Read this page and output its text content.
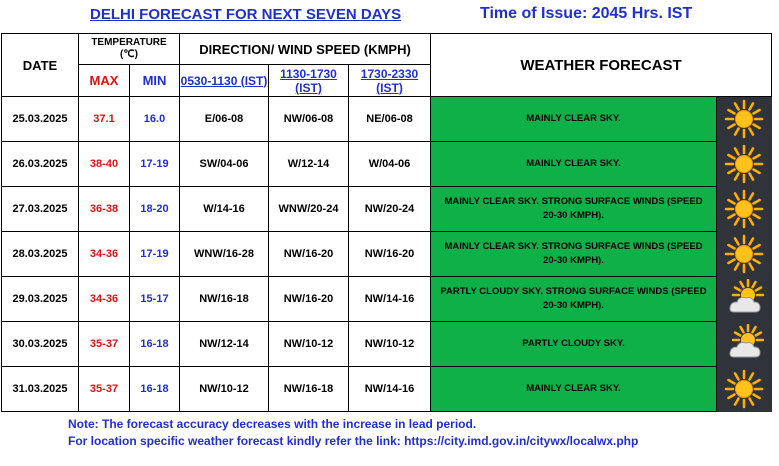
DELHI FORECAST FOR NEXT SEVEN DAYS	Time of Issue: 2045 Hrs. IST
DATE	TEMPERATURE
(℃)		DIRECTION/ WIND SPEED (KMPH)			WEATHER FORECAST	
	MAX	MIN	0530-1130 (IST)	1130-1730 (IST)	1730-2330 (IST)		
25.03.2025	37.1	16.0	E/06-08	NW/06-08	NE/06-08	MAINLY CLEAR SKY.	

26.03.2025	38-40	17-19	SW/04-06	W/12-14	W/04-06	MAINLY CLEAR SKY.	

27.03.2025	36-38	18-20	W/14-16	WNW/20-24	NW/20-24	MAINLY CLEAR SKY. STRONG SURFACE WINDS (SPEED 20-30 KMPH).	

28.03.2025	34-36	17-19	WNW/16-28	NW/16-20	NW/16-20	MAINLY CLEAR SKY. STRONG SURFACE WINDS (SPEED 20-30 KMPH).	

29.03.2025	34-36	15-17	NW/16-18	NW/16-20	NW/14-16	PARTLY CLOUDY SKY. STRONG SURFACE WINDS (SPEED 20-30 KMPH).	

30.03.2025	35-37	16-18	NW/12-14	NW/10-12	NW/10-12	PARTLY CLOUDY SKY.	

31.03.2025	35-37	16-18	NW/10-12	NW/16-18	NW/14-16	MAINLY CLEAR SKY.	
Note: The forecast accuracy decreases with the increase in lead period.
For location specific weather forecast kindly refer the link: https://city.imd.gov.in/citywx/localwx.php
